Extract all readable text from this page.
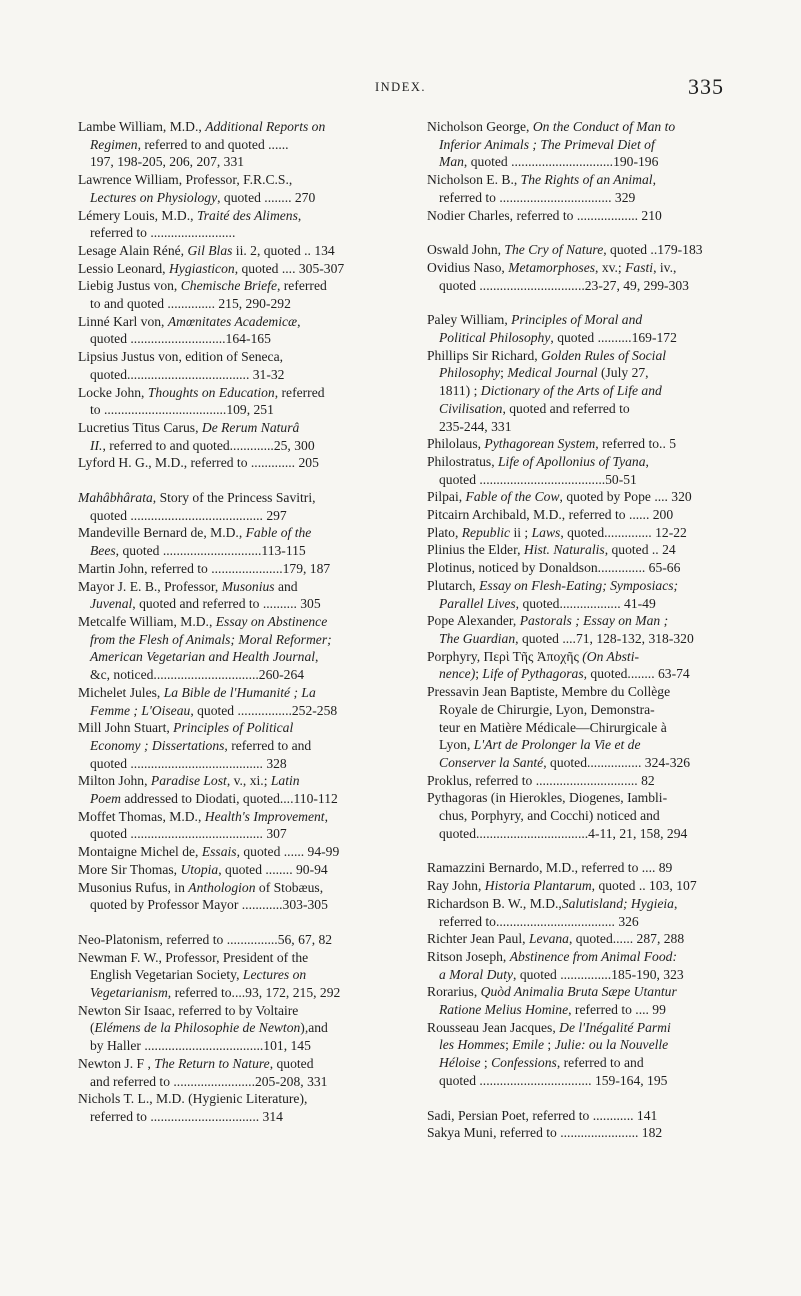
INDEX.	335
Lambe William, M.D., Additional Reports on
Regimen, referred to and quoted ......
197, 198-205, 206, 207, 331
Lawrence William, Professor, F.R.C.S.,
Lectures on Physiology, quoted ........ 270
Lémery Louis, M.D., Traité des Alimens,
referred to .........................
Lesage Alain Réné, Gil Blas ii. 2, quoted .. 134
Lessio Leonard, Hygiasticon, quoted .... 305-307
Liebig Justus von, Chemische Briefe, referred
to and quoted .............. 215, 290-292
Linné Karl von, Amœnitates Academicæ,
quoted ............................164-165
Lipsius Justus von, edition of Seneca,
quoted.................................... 31-32
Locke John, Thoughts on Education, referred
to ....................................109, 251
Lucretius Titus Carus, De Rerum Naturâ
II., referred to and quoted.............25, 300
Lyford H. G., M.D., referred to ............. 205
Mahâbhârata, Story of the Princess Savitri,
quoted ....................................... 297
Mandeville Bernard de, M.D., Fable of the
Bees, quoted .............................113-115
Martin John, referred to .....................179, 187
Mayor J. E. B., Professor, Musonius and
Juvenal, quoted and referred to .......... 305
Metcalfe William, M.D., Essay on Abstinence
from the Flesh of Animals; Moral Reformer;
American Vegetarian and Health Journal,
&c, noticed...............................260-264
Michelet Jules, La Bible de l'Humanité ; La
Femme ; L'Oiseau, quoted ................252-258
Mill John Stuart, Principles of Political
Economy ; Dissertations, referred to and
quoted ....................................... 328
Milton John, Paradise Lost, v., xi.; Latin
Poem addressed to Diodati, quoted....110-112
Moffet Thomas, M.D., Health's Improvement,
quoted ....................................... 307
Montaigne Michel de, Essais, quoted ...... 94-99
More Sir Thomas, Utopia, quoted ........ 90-94
Musonius Rufus, in Anthologion of Stobæus,
quoted by Professor Mayor ............303-305
Neo-Platonism, referred to ...............56, 67, 82
Newman F. W., Professor, President of the
English Vegetarian Society, Lectures on
Vegetarianism, referred to....93, 172, 215, 292
Newton Sir Isaac, referred to by Voltaire
(Elémens de la Philosophie de Newton),and
by Haller ...................................101, 145
Newton J. F , The Return to Nature, quoted
and referred to ........................205-208, 331
Nichols T. L., M.D. (Hygienic Literature),
referred to ................................ 314
Nicholson George, On the Conduct of Man to
Inferior Animals ; The Primeval Diet of
Man, quoted ..............................190-196
Nicholson E. B., The Rights of an Animal,
referred to ................................. 329
Nodier Charles, referred to .................. 210
Oswald John, The Cry of Nature, quoted ..179-183
Ovidius Naso, Metamorphoses, xv.; Fasti, iv.,
quoted ...............................23-27, 49, 299-303
Paley William, Principles of Moral and
Political Philosophy, quoted ..........169-172
Phillips Sir Richard, Golden Rules of Social
Philosophy; Medical Journal (July 27,
1811) ; Dictionary of the Arts of Life and
Civilisation, quoted and referred to
235-244, 331
Philolaus, Pythagorean System, referred to.. 5
Philostratus, Life of Apollonius of Tyana,
quoted .....................................50-51
Pilpai, Fable of the Cow, quoted by Pope .... 320
Pitcairn Archibald, M.D., referred to ...... 200
Plato, Republic ii ; Laws, quoted.............. 12-22
Plinius the Elder, Hist. Naturalis, quoted .. 24
Plotinus, noticed by Donaldson.............. 65-66
Plutarch, Essay on Flesh-Eating; Symposiacs;
Parallel Lives, quoted.................. 41-49
Pope Alexander, Pastorals ; Essay on Man ;
The Guardian, quoted ....71, 128-132, 318-320
Porphyry, Περὶ Τῆς Ἀποχῆς (On Absti-
nence); Life of Pythagoras, quoted........ 63-74
Pressavin Jean Baptiste, Membre du Collège
Royale de Chirurgie, Lyon, Demonstra-
teur en Matière Médicale—Chirurgicale à
Lyon, L'Art de Prolonger la Vie et de
Conserver la Santé, quoted................ 324-326
Proklus, referred to .............................. 82
Pythagoras (in Hierokles, Diogenes, Iambli-
chus, Porphyry, and Cocchi) noticed and
quoted.................................4-11, 21, 158, 294
Ramazzini Bernardo, M.D., referred to .... 89
Ray John, Historia Plantarum, quoted .. 103, 107
Richardson B. W., M.D.,Salutisland; Hygieia,
referred to................................... 326
Richter Jean Paul, Levana, quoted...... 287, 288
Ritson Joseph, Abstinence from Animal Food:
a Moral Duty, quoted ...............185-190, 323
Rorarius, Quòd Animalia Bruta Sæpe Utantur
Ratione Melius Homine, referred to .... 99
Rousseau Jean Jacques, De l'Inégalité Parmi
les Hommes; Emile ; Julie: ou la Nouvelle
Héloise ; Confessions, referred to and
quoted ................................. 159-164, 195
Sadi, Persian Poet, referred to ............ 141
Sakya Muni, referred to ....................... 182
